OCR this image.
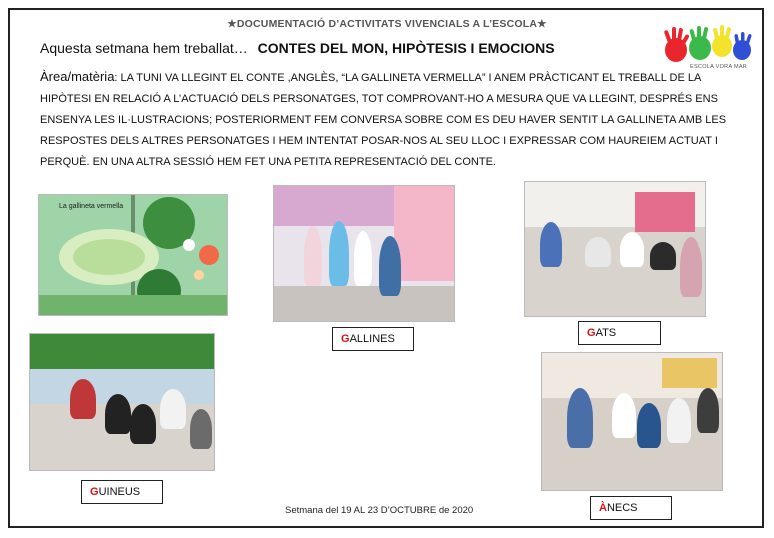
★DOCUMENTACIÓ D’ACTIVITATS VIVENCIALS A L’ESCOLA★
ESCOLA VORA MAR
Aquesta setmana hem treballat… CONTES DEL MON, HIPÒTESIS I EMOCIONS
Àrea/matèria: LA TUNI VA LLEGINT EL CONTE ,ANGLÈS, “LA GALLINETA VERMELLA” I ANEM PRÀCTICANT EL TREBALL DE LA HIPÒTESI EN RELACIÓ A L’ACTUACIÓ DELS PERSONATGES, TOT COMPROVANT-HO A MESURA QUE VA LLEGINT, DESPRÉS ENS ENSENYA LES IL·LUSTRACIONS; POSTERIORMENT FEM CONVERSA SOBRE COM ES DEU HAVER SENTIT LA GALLINETA AMB LES RESPOSTES DELS ALTRES PERSONATGES I HEM INTENTAT POSAR-NOS AL SEU LLOC I EXPRESSAR COM HAUREIEM ACTUAT I PERQUÈ. EN UNA ALTRA SESSIÓ HEM FET UNA PETITA REPRESENTACIÓ DEL CONTE.
La gallineta vermella
GALLINES	GATS
GUINEUS
ÀNECS
Setmana del 19 AL 23 D’OCTUBRE de 2020
